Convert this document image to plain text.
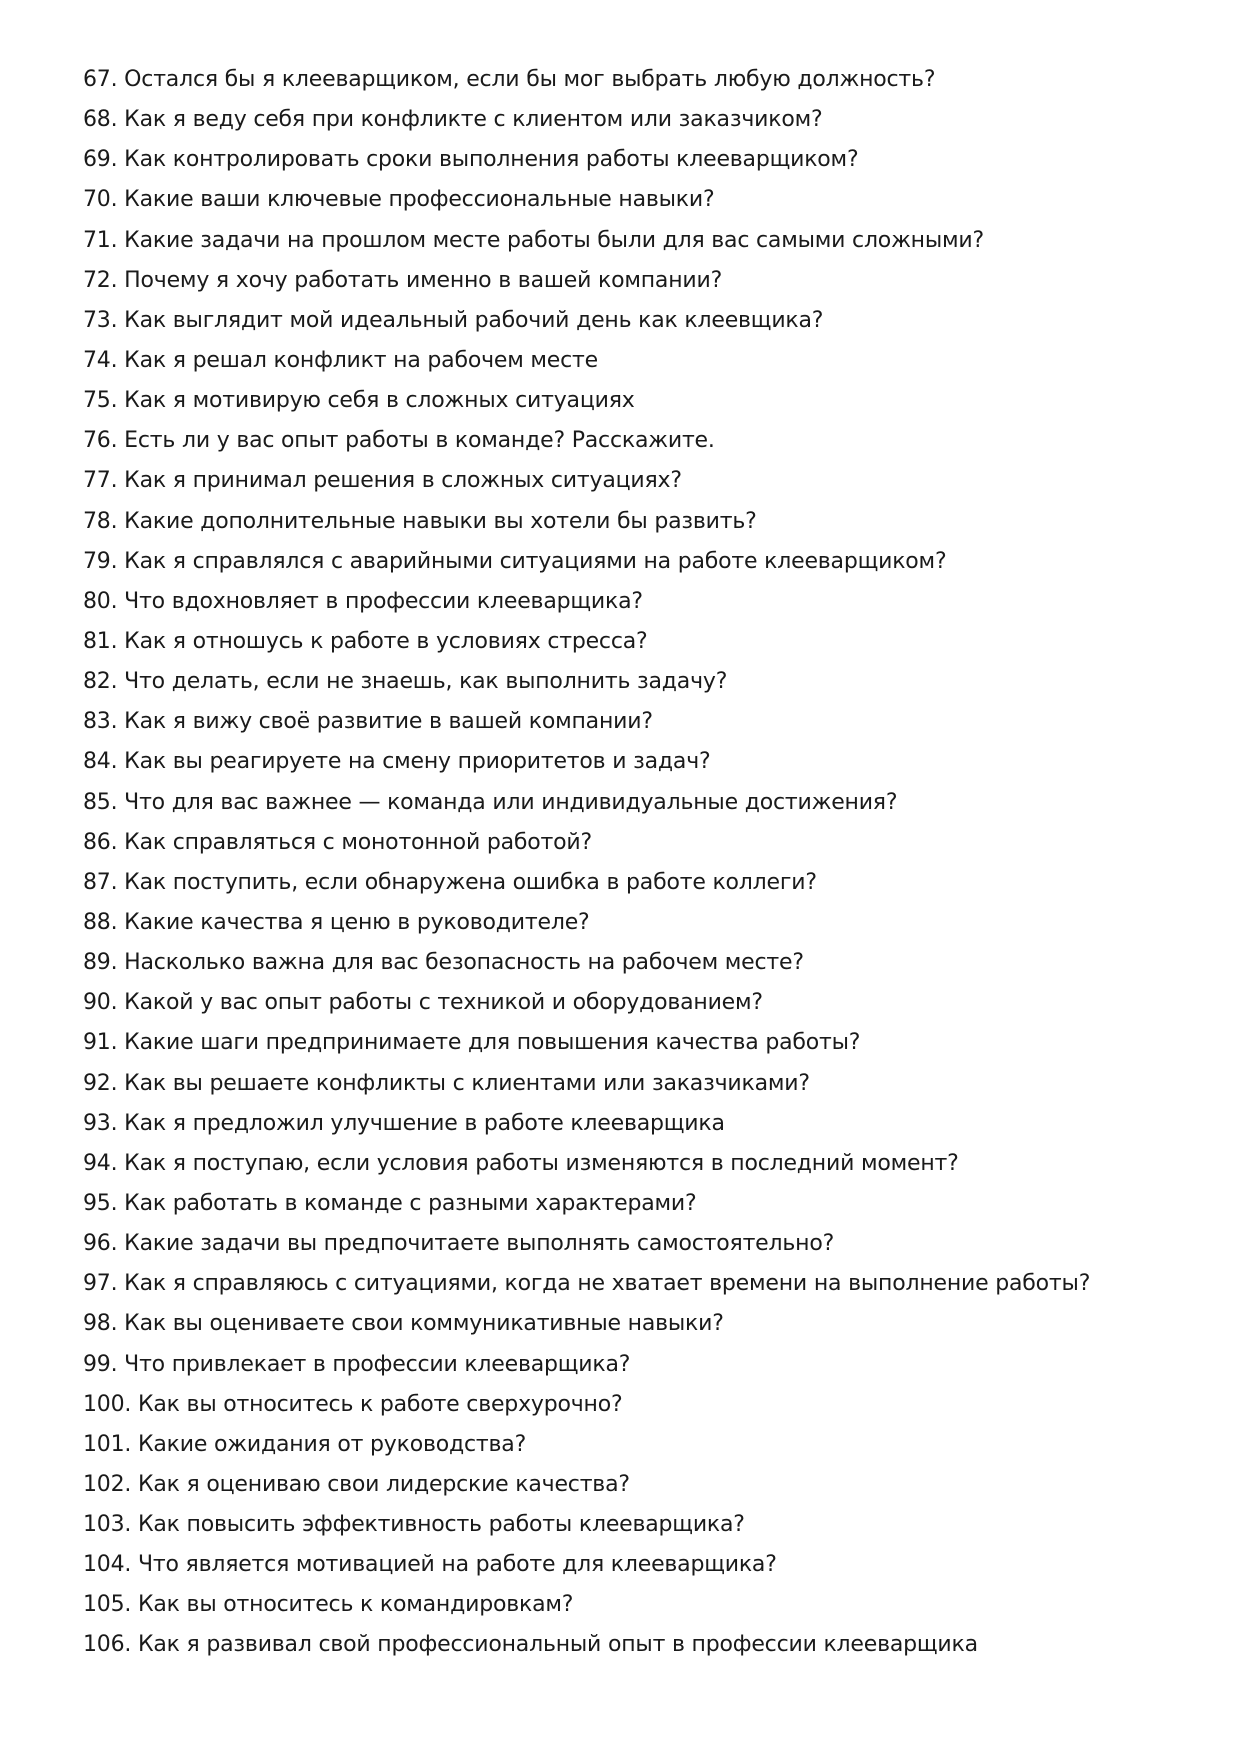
67. Остался бы я клееварщиком, если бы мог выбрать любую должность?
68. Как я веду себя при конфликте с клиентом или заказчиком?
69. Как контролировать сроки выполнения работы клееварщиком?
70. Какие ваши ключевые профессиональные навыки?
71. Какие задачи на прошлом месте работы были для вас самыми сложными?
72. Почему я хочу работать именно в вашей компании?
73. Как выглядит мой идеальный рабочий день как клеевщика?
74. Как я решал конфликт на рабочем месте
75. Как я мотивирую себя в сложных ситуациях
76. Есть ли у вас опыт работы в команде? Расскажите.
77. Как я принимал решения в сложных ситуациях?
78. Какие дополнительные навыки вы хотели бы развить?
79. Как я справлялся с аварийными ситуациями на работе клееварщиком?
80. Что вдохновляет в профессии клееварщика?
81. Как я отношусь к работе в условиях стресса?
82. Что делать, если не знаешь, как выполнить задачу?
83. Как я вижу своё развитие в вашей компании?
84. Как вы реагируете на смену приоритетов и задач?
85. Что для вас важнее — команда или индивидуальные достижения?
86. Как справляться с монотонной работой?
87. Как поступить, если обнаружена ошибка в работе коллеги?
88. Какие качества я ценю в руководителе?
89. Насколько важна для вас безопасность на рабочем месте?
90. Какой у вас опыт работы с техникой и оборудованием?
91. Какие шаги предпринимаете для повышения качества работы?
92. Как вы решаете конфликты с клиентами или заказчиками?
93. Как я предложил улучшение в работе клееварщика
94. Как я поступаю, если условия работы изменяются в последний момент?
95. Как работать в команде с разными характерами?
96. Какие задачи вы предпочитаете выполнять самостоятельно?
97. Как я справляюсь с ситуациями, когда не хватает времени на выполнение работы?
98. Как вы оцениваете свои коммуникативные навыки?
99. Что привлекает в профессии клееварщика?
100. Как вы относитесь к работе сверхурочно?
101. Какие ожидания от руководства?
102. Как я оцениваю свои лидерские качества?
103. Как повысить эффективность работы клееварщика?
104. Что является мотивацией на работе для клееварщика?
105. Как вы относитесь к командировкам?
106. Как я развивал свой профессиональный опыт в профессии клееварщика
